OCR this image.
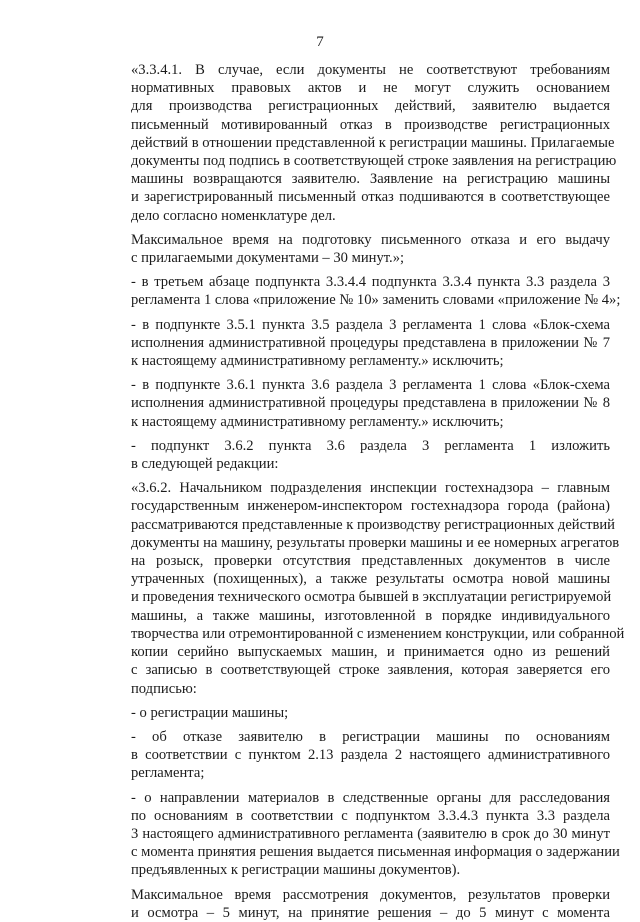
7

«3.3.4.1. В случае, если документы не соответствуют требованиям
нормативных правовых актов и не могут служить основанием
для производства регистрационных действий, заявителю выдается
письменный мотивированный отказ в производстве регистрационных
действий в отношении представленной к регистрации машины. Прилагаемые
документы под подпись в соответствующей строке заявления на регистрацию
машины возвращаются заявителю. Заявление на регистрацию машины
и зарегистрированный письменный отказ подшиваются в соответствующее
дело согласно номенклатуре дел.

Максимальное время на подготовку письменного отказа и его выдачу
с прилагаемыми документами – 30 минут.»;

- в третьем абзаце подпункта 3.3.4.4 подпункта 3.3.4 пункта 3.3 раздела 3
регламента 1 слова «приложение № 10» заменить словами «приложение № 4»;

- в подпункте 3.5.1 пункта 3.5 раздела 3 регламента 1 слова «Блок-схема
исполнения административной процедуры представлена в приложении № 7
к настоящему административному регламенту.» исключить;

- в подпункте 3.6.1 пункта 3.6 раздела 3 регламента 1 слова «Блок-схема
исполнения административной процедуры представлена в приложении № 8
к настоящему административному регламенту.» исключить;

- подпункт 3.6.2 пункта 3.6 раздела 3 регламента 1 изложить
в следующей редакции:

«3.6.2. Начальником подразделения инспекции гостехнадзора – главным
государственным инженером-инспектором гостехнадзора города (района)
рассматриваются представленные к производству регистрационных действий
документы на машину, результаты проверки машины и ее номерных агрегатов
на розыск, проверки отсутствия представленных документов в числе
утраченных (похищенных), а также результаты осмотра новой машины
и проведения технического осмотра бывшей в эксплуатации регистрируемой
машины, а также машины, изготовленной в порядке индивидуального
творчества или отремонтированной с изменением конструкции, или собранной
копии серийно выпускаемых машин, и принимается одно из решений
с записью в соответствующей строке заявления, которая заверяется его
подписью:

- о регистрации машины;

- об отказе заявителю в регистрации машины по основаниям
в соответствии с пунктом 2.13 раздела 2 настоящего административного
регламента;

- о направлении материалов в следственные органы для расследования
по основаниям в соответствии с подпунктом 3.3.4.3 пункта 3.3 раздела
3 настоящего административного регламента (заявителю в срок до 30 минут
с момента принятия решения выдается письменная информация о задержании
предъявленных к регистрации машины документов).

Максимальное время рассмотрения документов, результатов проверки
и осмотра – 5 минут, на принятие решения – до 5 минут с момента
